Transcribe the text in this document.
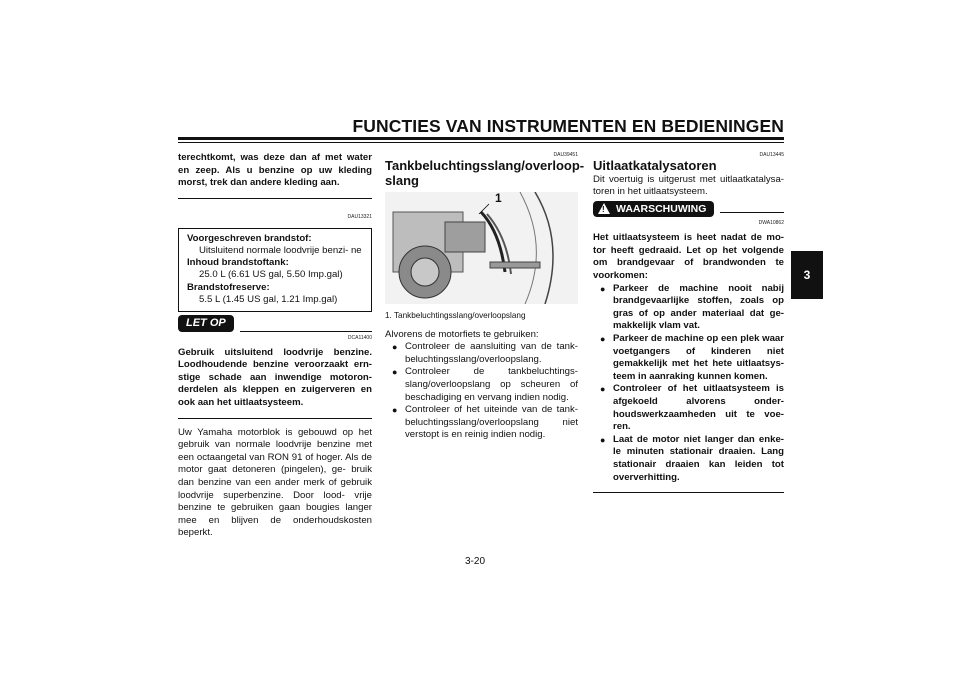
FUNCTIES VAN INSTRUMENTEN EN BEDIENINGEN
3
terechtkomt, was deze dan af met water en zeep. Als u benzine op uw kleding morst, trek dan andere kleding aan.
DAU13321
Voorgeschreven brandstof:
Uitsluitend normale loodvrije benzi- ne
Inhoud brandstoftank:
25.0 L (6.61 US gal, 5.50 Imp.gal)
Brandstofreserve:
5.5 L (1.45 US gal, 1.21 Imp.gal)
LET OP
DCA11400
Gebruik uitsluitend loodvrije benzine. Loodhoudende benzine veroorzaakt ern- stige schade aan inwendige motoron- derdelen als kleppen en zuigerveren en ook aan het uitlaatsysteem.
Uw Yamaha motorblok is gebouwd op het gebruik van normale loodvrije benzine met een octaangetal van RON 91 of hoger. Als de motor gaat detoneren (pingelen), ge- bruik dan benzine van een ander merk of gebruik loodvrije superbenzine. Door lood- vrije benzine te gebruiken gaan bougies langer mee en blijven de onderhoudskosten beperkt.
DAU39451
Tankbeluchtingsslang/overloop- slang
1
1. Tankbeluchtingsslang/overloopslang
Alvorens de motorfiets te gebruiken:
● Controleer de aansluiting van de tank- beluchtingsslang/overloopslang.
● Controleer de tankbeluchtings- slang/overloopslang op scheuren of beschadiging en vervang indien nodig.
● Controleer of het uiteinde van de tank- beluchtingsslang/overloopslang niet verstopt is en reinig indien nodig.
DAU13445
Uitlaatkatalysatoren
Dit voertuig is uitgerust met uitlaatkatalysa- toren in het uitlaatsysteem.
! WAARSCHUWING
DWA10862
Het uitlaatsysteem is heet nadat de mo- tor heeft gedraaid. Let op het volgende om brandgevaar of brandwonden te voorkomen:
● Parkeer de machine nooit nabij brandgevaarlijke stoffen, zoals op gras of op ander materiaal dat ge- makkelijk vlam vat.
● Parkeer de machine op een plek waar voetgangers of kinderen niet gemakkelijk met het hete uitlaatsys- teem in aanraking kunnen komen.
● Controleer of het uitlaatsysteem is afgekoeld alvorens onder- houdswerkzaamheden uit te voe- ren.
● Laat de motor niet langer dan enke- le minuten stationair draaien. Lang stationair draaien kan leiden tot oververhitting.
3-20
